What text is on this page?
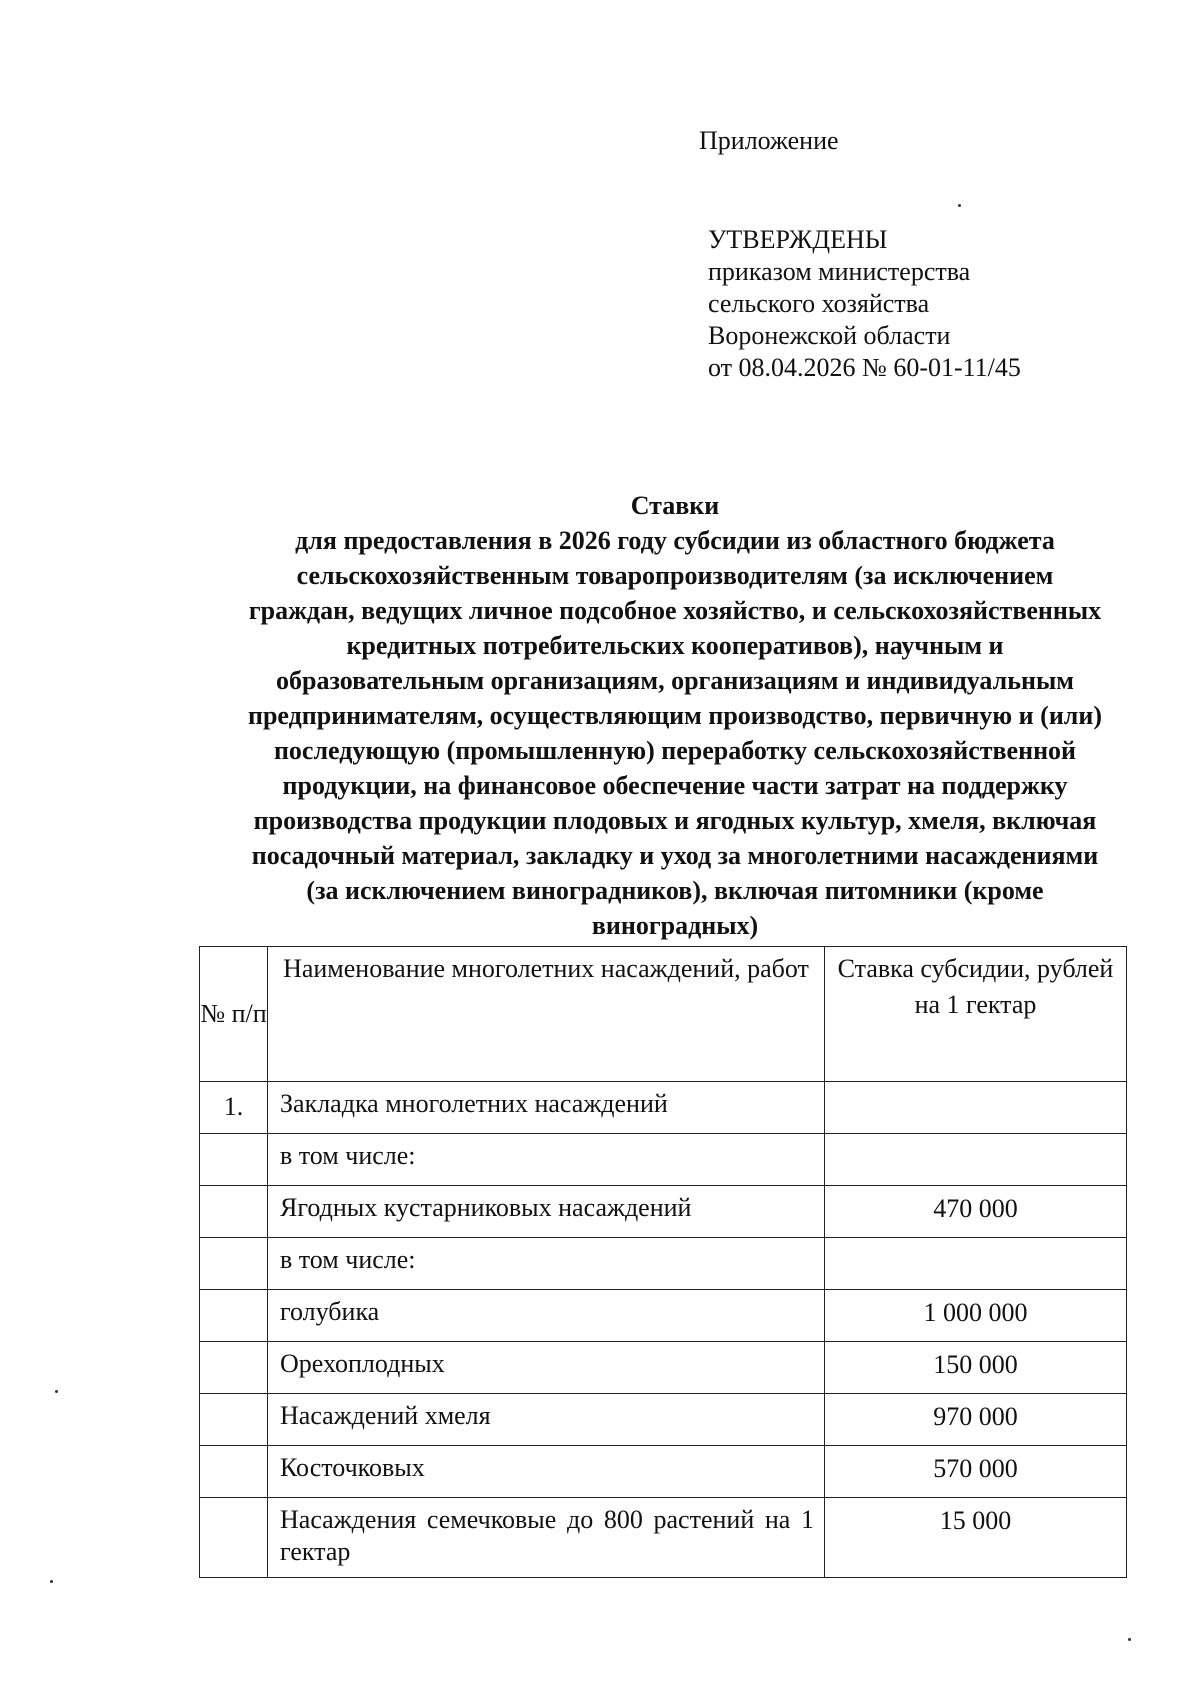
Приложение
УТВЕРЖДЕНЫ
приказом министерства
сельского хозяйства
Воронежской области
от 08.04.2026 № 60-01-11/45
Ставки
для предоставления в 2026 году субсидии из областного бюджета
сельскохозяйственным товаропроизводителям (за исключением
граждан, ведущих личное подсобное хозяйство, и сельскохозяйственных
кредитных потребительских кооперативов), научным и
образовательным организациям, организациям и индивидуальным
предпринимателям, осуществляющим производство, первичную и (или)
последующую (промышленную) переработку сельскохозяйственной
продукции, на финансовое обеспечение части затрат на поддержку
производства продукции плодовых и ягодных культур, хмеля, включая
посадочный материал, закладку и уход за многолетними насаждениями
(за исключением виноградников), включая питомники (кроме
виноградных)
№ п/п	Наименование многолетних насаждений, работ	Ставка субсидии, рублей на 1 гектар
1.	Закладка многолетних насаждений	
	в том числе:	
	Ягодных кустарниковых насаждений	470 000
	в том числе:	
	голубика	1 000 000
	Орехоплодных	150 000
	Насаждений хмеля	970 000
	Косточковых	570 000
	Насаждения семечковые до 800 растений на 1 гектар	15 000
